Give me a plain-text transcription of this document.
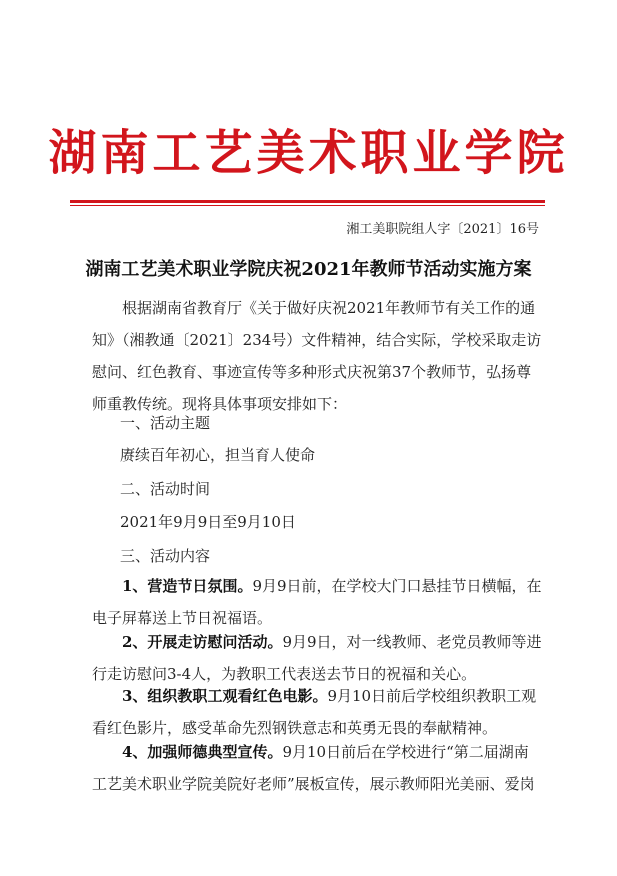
湖南工艺美术职业学院
湘工美职院组人字〔2021〕16号
湖南工艺美术职业学院庆祝2021年教师节活动实施方案
根据湖南省教育厅《关于做好庆祝2021年教师节有关工作的通知》（湘教通〔2021〕234号）文件精神，结合实际，学校采取走访慰问、红色教育、事迹宣传等多种形式庆祝第37个教师节，弘扬尊师重教传统。现将具体事项安排如下：
一、活动主题
赓续百年初心，担当育人使命
二、活动时间
2021年9月9日至9月10日
三、活动内容
1、营造节日氛围。9月9日前，在学校大门口悬挂节日横幅，在电子屏幕送上节日祝福语。
2、开展走访慰问活动。9月9日，对一线教师、老党员教师等进行走访慰问3-4人，为教职工代表送去节日的祝福和关心。
3、组织教职工观看红色电影。9月10日前后学校组织教职工观看红色影片，感受革命先烈钢铁意志和英勇无畏的奉献精神。
4、加强师德典型宣传。9月10日前后在学校进行“第二届湖南工艺美术职业学院美院好老师”展板宣传，展示教师阳光美丽、爱岗
